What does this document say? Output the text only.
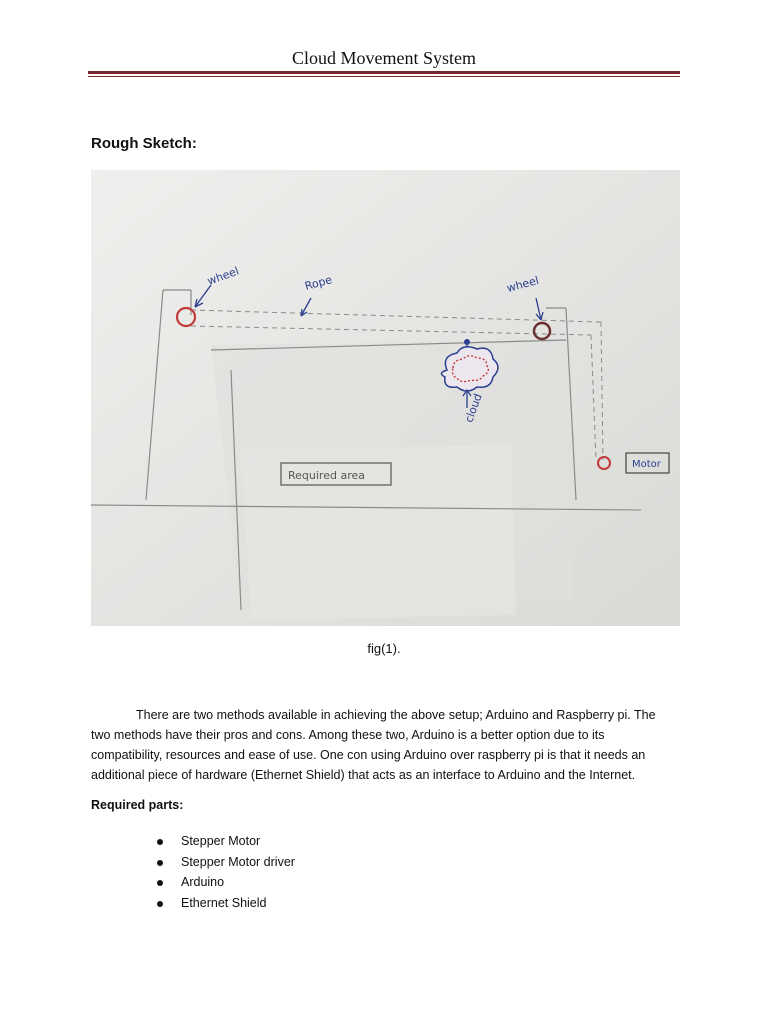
Cloud Movement System
Rough Sketch:
Motor
cloud
Required area
wheel	Rope	wheel
fig(1).

There are two methods available in achieving the above setup; Arduino and Raspberry pi. The two methods have their pros and cons. Among these two, Arduino is a better option due to its compatibility, resources and ease of use. One con using Arduino over raspberry pi is that it needs an additional piece of hardware (Ethernet Shield) that acts as an interface to Arduino and the Internet.

Required parts:
Stepper Motor
Stepper Motor driver
Arduino
Ethernet Shield
